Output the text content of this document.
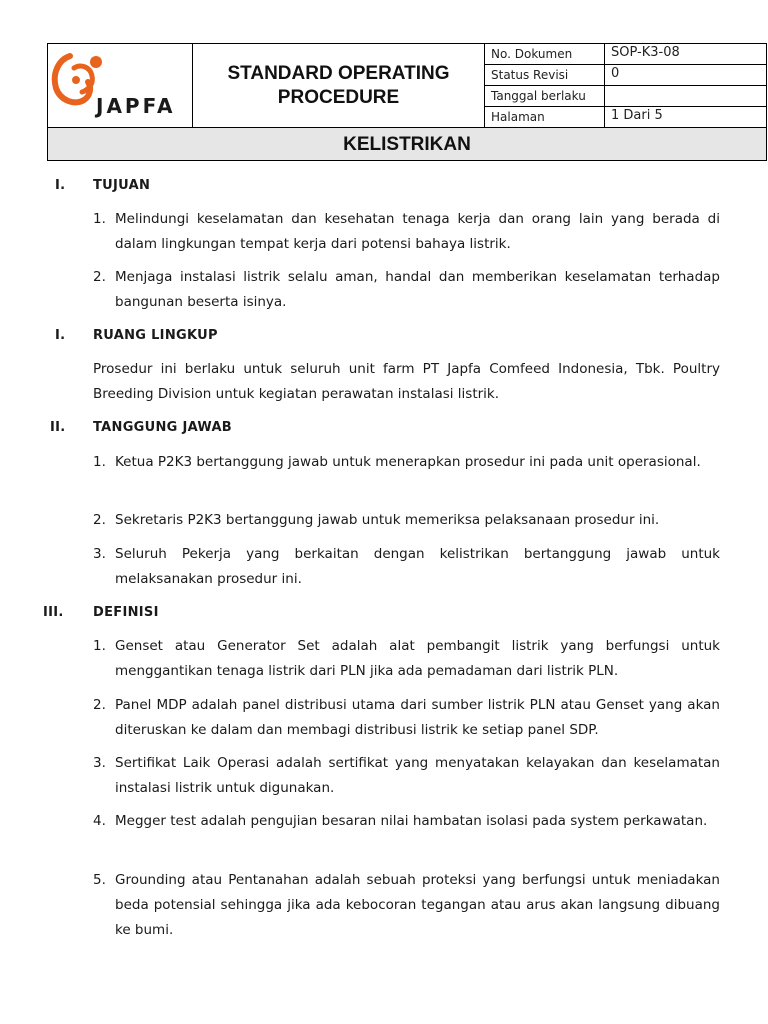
JAPFA
STANDARD OPERATING
PROCEDURE
No. Dokumen	SOP-K3-08
Status Revisi	0
Tanggal berlaku
Halaman	1 Dari 5
KELISTRIKAN
I. TUJUAN
1. Melindungi keselamatan dan kesehatan tenaga kerja dan orang lain yang berada di dalam lingkungan tempat kerja dari potensi bahaya listrik.
2. Menjaga instalasi listrik selalu aman, handal dan memberikan keselamatan terhadap bangunan beserta isinya.
I. RUANG LINGKUP
Prosedur ini berlaku untuk seluruh unit farm PT Japfa Comfeed Indonesia, Tbk. Poultry Breeding Division untuk kegiatan perawatan instalasi listrik.
II. TANGGUNG JAWAB
1. Ketua P2K3 bertanggung jawab untuk menerapkan prosedur ini pada unit operasional.
2. Sekretaris P2K3 bertanggung jawab untuk memeriksa pelaksanaan prosedur ini.
3. Seluruh Pekerja yang berkaitan dengan kelistrikan bertanggung jawab untuk melaksanakan prosedur ini.
III. DEFINISI
1. Genset atau Generator Set adalah alat pembangit listrik yang berfungsi untuk menggantikan tenaga listrik dari PLN jika ada pemadaman dari listrik PLN.
2. Panel MDP adalah panel distribusi utama dari sumber listrik PLN atau Genset yang akan diteruskan ke dalam dan membagi distribusi listrik ke setiap panel SDP.
3. Sertifikat Laik Operasi adalah sertifikat yang menyatakan kelayakan dan keselamatan instalasi listrik untuk digunakan.
4. Megger test adalah pengujian besaran nilai hambatan isolasi pada system perkawatan.
5. Grounding atau Pentanahan adalah sebuah proteksi yang berfungsi untuk meniadakan beda potensial sehingga jika ada kebocoran tegangan atau arus akan langsung dibuang ke bumi.
